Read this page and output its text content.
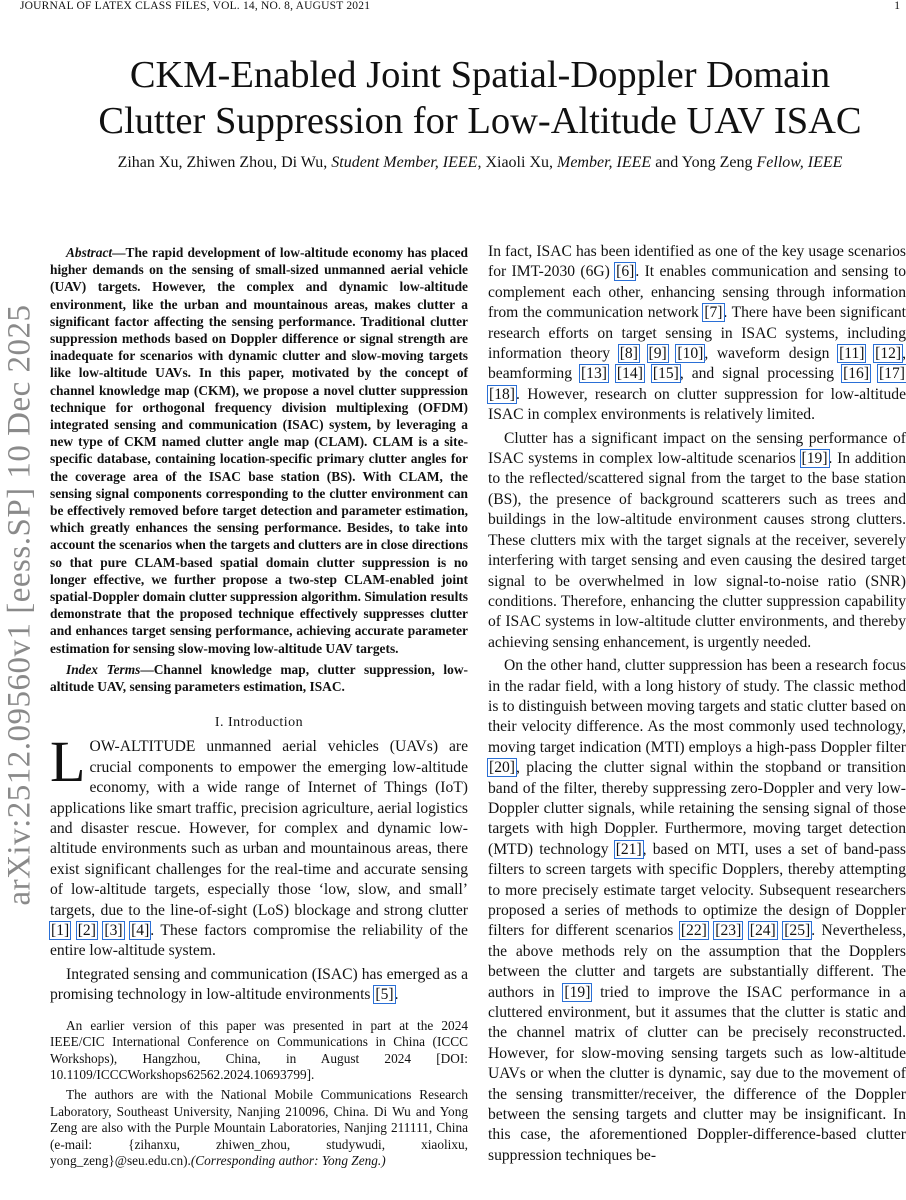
JOURNAL OF LATEX CLASS FILES, VOL. 14, NO. 8, AUGUST 2021	1
arXiv:2512.09560v1 [eess.SP] 10 Dec 2025
CKM-Enabled Joint Spatial-Doppler Domain
Clutter Suppression for Low-Altitude UAV ISAC
Zihan Xu, Zhiwen Zhou, Di Wu, Student Member, IEEE, Xiaoli Xu, Member, IEEE and Yong Zeng Fellow, IEEE

Abstract—The rapid development of low-altitude economy has placed higher demands on the sensing of small-sized unmanned aerial vehicle (UAV) targets. However, the complex and dynamic low-altitude environment, like the urban and mountainous areas, makes clutter a significant factor affecting the sensing performance. Traditional clutter suppression methods based on Doppler difference or signal strength are inadequate for scenarios with dynamic clutter and slow-moving targets like low-altitude UAVs. In this paper, motivated by the concept of channel knowledge map (CKM), we propose a novel clutter suppression technique for orthogonal frequency division multiplexing (OFDM) integrated sensing and communication (ISAC) system, by leveraging a new type of CKM named clutter angle map (CLAM). CLAM is a site-specific database, containing location-specific primary clutter angles for the coverage area of the ISAC base station (BS). With CLAM, the sensing signal components corresponding to the clutter environment can be effectively removed before target detection and parameter estimation, which greatly enhances the sensing performance. Besides, to take into account the scenarios when the targets and clutters are in close directions so that pure CLAM-based spatial domain clutter suppression is no longer effective, we further propose a two-step CLAM-enabled joint spatial-Doppler domain clutter suppression algorithm. Simulation results demonstrate that the proposed technique effectively suppresses clutter and enhances target sensing performance, achieving accurate parameter estimation for sensing slow-moving low-altitude UAV targets.

Index Terms—Channel knowledge map, clutter suppression, low-altitude UAV, sensing parameters estimation, ISAC.

I. Introduction

LOW-ALTITUDE unmanned aerial vehicles (UAVs) are crucial components to empower the emerging low-altitude economy, with a wide range of Internet of Things (IoT) applications like smart traffic, precision agriculture, aerial logistics and disaster rescue. However, for complex and dynamic low-altitude environments such as urban and mountainous areas, there exist significant challenges for the real-time and accurate sensing of low-altitude targets, especially those ‘low, slow, and small’ targets, due to the line-of-sight (LoS) blockage and strong clutter [1] [2] [3] [4]. These factors compromise the reliability of the entire low-altitude system.

Integrated sensing and communication (ISAC) has emerged as a promising technology in low-altitude environments [5].

An earlier version of this paper was presented in part at the 2024 IEEE/CIC International Conference on Communications in China (ICCC Workshops), Hangzhou, China, in August 2024 [DOI: 10.1109/ICCCWorkshops62562.2024.10693799].

The authors are with the National Mobile Communications Research Laboratory, Southeast University, Nanjing 210096, China. Di Wu and Yong Zeng are also with the Purple Mountain Laboratories, Nanjing 211111, China (e-mail: {zihanxu, zhiwen_zhou, studywudi, xiaolixu, yong_zeng}@seu.edu.cn).(Corresponding author: Yong Zeng.)

In fact, ISAC has been identified as one of the key usage scenarios for IMT-2030 (6G) [6]. It enables communication and sensing to complement each other, enhancing sensing through information from the communication network [7]. There have been significant research efforts on target sensing in ISAC systems, including information theory [8] [9] [10], waveform design [11] [12], beamforming [13] [14] [15], and signal processing [16] [17] [18]. However, research on clutter suppression for low-altitude ISAC in complex environments is relatively limited.

Clutter has a significant impact on the sensing performance of ISAC systems in complex low-altitude scenarios [19]. In addition to the reflected/scattered signal from the target to the base station (BS), the presence of background scatterers such as trees and buildings in the low-altitude environment causes strong clutters. These clutters mix with the target signals at the receiver, severely interfering with target sensing and even causing the desired target signal to be overwhelmed in low signal-to-noise ratio (SNR) conditions. Therefore, enhancing the clutter suppression capability of ISAC systems in low-altitude clutter environments, and thereby achieving sensing enhancement, is urgently needed.

On the other hand, clutter suppression has been a research focus in the radar field, with a long history of study. The classic method is to distinguish between moving targets and static clutter based on their velocity difference. As the most commonly used technology, moving target indication (MTI) employs a high-pass Doppler filter [20], placing the clutter signal within the stopband or transition band of the filter, thereby suppressing zero-Doppler and very low-Doppler clutter signals, while retaining the sensing signal of those targets with high Doppler. Furthermore, moving target detection (MTD) technology [21], based on MTI, uses a set of band-pass filters to screen targets with specific Dopplers, thereby attempting to more precisely estimate target velocity. Subsequent researchers proposed a series of methods to optimize the design of Doppler filters for different scenarios [22] [23] [24] [25]. Nevertheless, the above methods rely on the assumption that the Dopplers between the clutter and targets are substantially different. The authors in [19] tried to improve the ISAC performance in a cluttered environment, but it assumes that the clutter is static and the channel matrix of clutter can be precisely reconstructed. However, for slow-moving sensing targets such as low-altitude UAVs or when the clutter is dynamic, say due to the movement of the sensing transmitter/receiver, the difference of the Doppler between the sensing targets and clutter may be insignificant. In this case, the aforementioned Doppler-difference-based clutter suppression techniques be-
